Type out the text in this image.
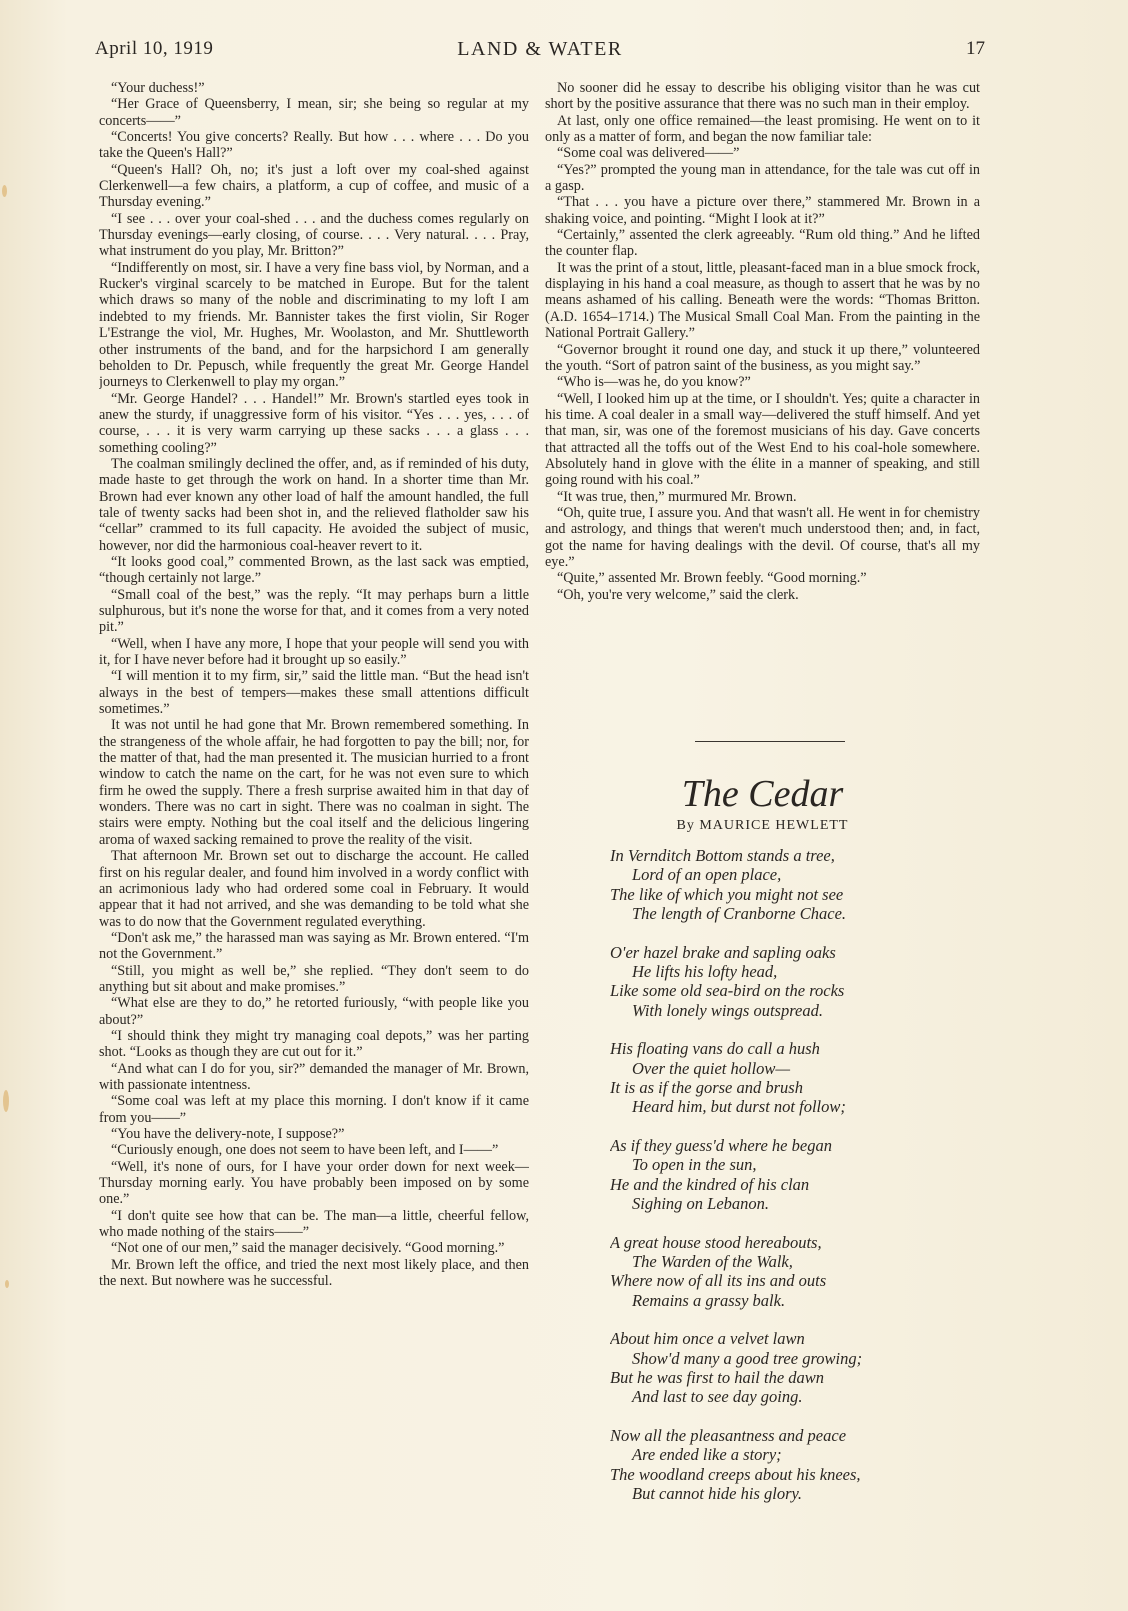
April 10, 1919	LAND & WATER	17

“Your duchess!”

“Her Grace of Queensberry, I mean, sir; she being so regular at my concerts——”

“Concerts! You give concerts? Really. But how . . . where . . . Do you take the Queen's Hall?”

“Queen's Hall? Oh, no; it's just a loft over my coal-shed against Clerkenwell—a few chairs, a platform, a cup of coffee, and music of a Thursday evening.”

“I see . . . over your coal-shed . . . and the duchess comes regularly on Thursday evenings—early closing, of course. . . . Very natural. . . . Pray, what instrument do you play, Mr. Britton?”

“Indifferently on most, sir. I have a very fine bass viol, by Norman, and a Rucker's virginal scarcely to be matched in Europe. But for the talent which draws so many of the noble and discriminating to my loft I am indebted to my friends. Mr. Bannister takes the first violin, Sir Roger L'Estrange the viol, Mr. Hughes, Mr. Woolaston, and Mr. Shuttleworth other instruments of the band, and for the harpsichord I am generally beholden to Dr. Pepusch, while frequently the great Mr. George Handel journeys to Clerkenwell to play my organ.”

“Mr. George Handel? . . . Handel!” Mr. Brown's startled eyes took in anew the sturdy, if unaggressive form of his visitor. “Yes . . . yes, . . . of course, . . . it is very warm carrying up these sacks . . . a glass . . . something cooling?”

The coalman smilingly declined the offer, and, as if reminded of his duty, made haste to get through the work on hand. In a shorter time than Mr. Brown had ever known any other load of half the amount handled, the full tale of twenty sacks had been shot in, and the relieved flatholder saw his “cellar” crammed to its full capacity. He avoided the subject of music, however, nor did the harmonious coal-heaver revert to it.

“It looks good coal,” commented Brown, as the last sack was emptied, “though certainly not large.”

“Small coal of the best,” was the reply. “It may perhaps burn a little sulphurous, but it's none the worse for that, and it comes from a very noted pit.”

“Well, when I have any more, I hope that your people will send you with it, for I have never before had it brought up so easily.”

“I will mention it to my firm, sir,” said the little man. “But the head isn't always in the best of tempers—makes these small attentions difficult sometimes.”

It was not until he had gone that Mr. Brown remembered something. In the strangeness of the whole affair, he had forgotten to pay the bill; nor, for the matter of that, had the man presented it. The musician hurried to a front window to catch the name on the cart, for he was not even sure to which firm he owed the supply. There a fresh surprise awaited him in that day of wonders. There was no cart in sight. There was no coalman in sight. The stairs were empty. Nothing but the coal itself and the delicious lingering aroma of waxed sacking remained to prove the reality of the visit.

That afternoon Mr. Brown set out to discharge the account. He called first on his regular dealer, and found him involved in a wordy conflict with an acrimonious lady who had ordered some coal in February. It would appear that it had not arrived, and she was demanding to be told what she was to do now that the Government regulated everything.

“Don't ask me,” the harassed man was saying as Mr. Brown entered. “I'm not the Government.”

“Still, you might as well be,” she replied. “They don't seem to do anything but sit about and make promises.”

“What else are they to do,” he retorted furiously, “with people like you about?”

“I should think they might try managing coal depots,” was her parting shot. “Looks as though they are cut out for it.”

“And what can I do for you, sir?” demanded the manager of Mr. Brown, with passionate intentness.

“Some coal was left at my place this morning. I don't know if it came from you——”

“You have the delivery-note, I suppose?”

“Curiously enough, one does not seem to have been left, and I——”

“Well, it's none of ours, for I have your order down for next week—Thursday morning early. You have probably been imposed on by some one.”

“I don't quite see how that can be. The man—a little, cheerful fellow, who made nothing of the stairs——”

“Not one of our men,” said the manager decisively. “Good morning.”

Mr. Brown left the office, and tried the next most likely place, and then the next. But nowhere was he successful.

No sooner did he essay to describe his obliging visitor than he was cut short by the positive assurance that there was no such man in their employ.

At last, only one office remained—the least promising. He went on to it only as a matter of form, and began the now familiar tale:

“Some coal was delivered——”

“Yes?” prompted the young man in attendance, for the tale was cut off in a gasp.

“That . . . you have a picture over there,” stammered Mr. Brown in a shaking voice, and pointing. “Might I look at it?”

“Certainly,” assented the clerk agreeably. “Rum old thing.” And he lifted the counter flap.

It was the print of a stout, little, pleasant-faced man in a blue smock frock, displaying in his hand a coal measure, as though to assert that he was by no means ashamed of his calling. Beneath were the words: “Thomas Britton. (A.D. 1654–1714.) The Musical Small Coal Man. From the painting in the National Portrait Gallery.”

“Governor brought it round one day, and stuck it up there,” volunteered the youth. “Sort of patron saint of the business, as you might say.”

“Who is—was he, do you know?”

“Well, I looked him up at the time, or I shouldn't. Yes; quite a character in his time. A coal dealer in a small way—delivered the stuff himself. And yet that man, sir, was one of the foremost musicians of his day. Gave concerts that attracted all the toffs out of the West End to his coal-hole somewhere. Absolutely hand in glove with the élite in a manner of speaking, and still going round with his coal.”

“It was true, then,” murmured Mr. Brown.

“Oh, quite true, I assure you. And that wasn't all. He went in for chemistry and astrology, and things that weren't much understood then; and, in fact, got the name for having dealings with the devil. Of course, that's all my eye.”

“Quite,” assented Mr. Brown feebly. “Good morning.”

“Oh, you're very welcome,” said the clerk.

The Cedar
By MAURICE HEWLETT
In Vernditch Bottom stands a tree,
Lord of an open place,
The like of which you might not see
The length of Cranborne Chace.
O'er hazel brake and sapling oaks
He lifts his lofty head,
Like some old sea-bird on the rocks
With lonely wings outspread.
His floating vans do call a hush
Over the quiet hollow—
It is as if the gorse and brush
Heard him, but durst not follow;
As if they guess'd where he began
To open in the sun,
He and the kindred of his clan
Sighing on Lebanon.
A great house stood hereabouts,
The Warden of the Walk,
Where now of all its ins and outs
Remains a grassy balk.
About him once a velvet lawn
Show'd many a good tree growing;
But he was first to hail the dawn
And last to see day going.
Now all the pleasantness and peace
Are ended like a story;
The woodland creeps about his knees,
But cannot hide his glory.
